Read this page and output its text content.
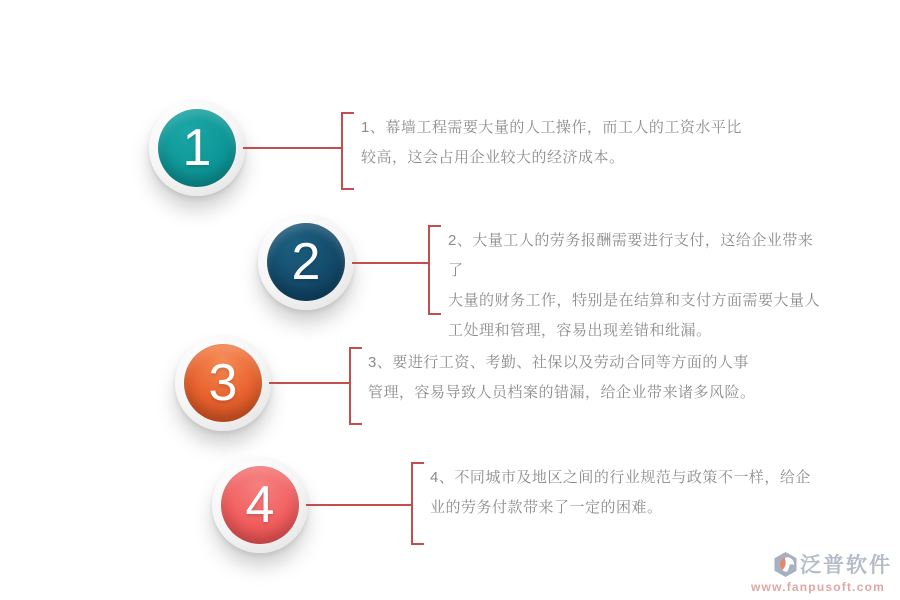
1	1、幕墙工程需要大量的人工操作，而工人的工资水平比
较高，这会占用企业较大的经济成本。
2	2、大量工人的劳务报酬需要进行支付，这给企业带来了
大量的财务工作，特别是在结算和支付方面需要大量人
工处理和管理，容易出现差错和纰漏。
3	3、要进行工资、考勤、社保以及劳动合同等方面的人事
管理，容易导致人员档案的错漏，给企业带来诸多风险。
4	4、不同城市及地区之间的行业规范与政策不一样，给企
业的劳务付款带来了一定的困难。
泛普软件
www.fanpusoft.com
